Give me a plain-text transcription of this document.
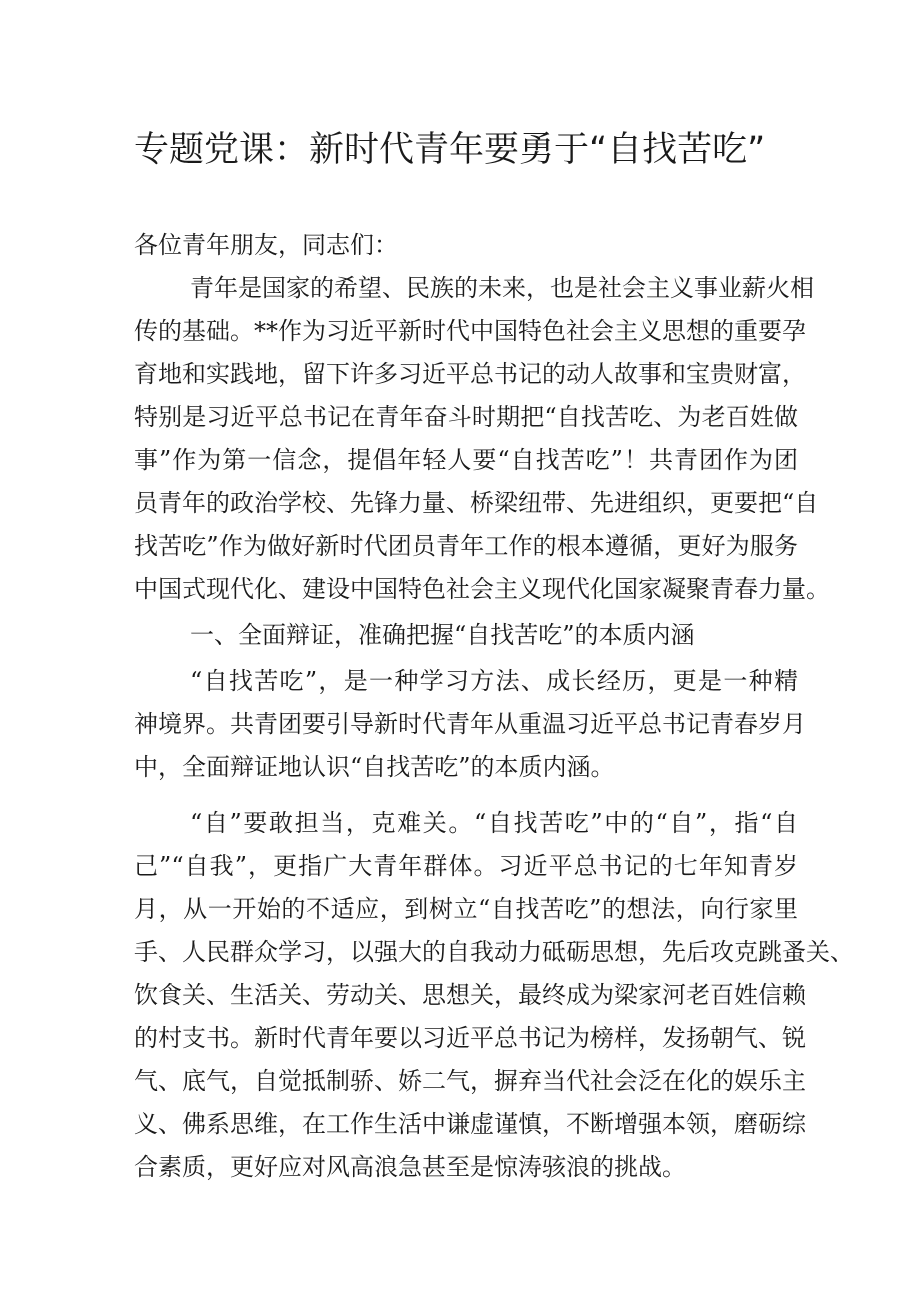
专题党课：新时代青年要勇于“自找苦吃”
各位青年朋友，同志们：
青年是国家的希望、民族的未来，也是社会主义事业薪火相
传的基础。**作为习近平新时代中国特色社会主义思想的重要孕
育地和实践地，留下许多习近平总书记的动人故事和宝贵财富，
特别是习近平总书记在青年奋斗时期把“自找苦吃、为老百姓做
事”作为第一信念，提倡年轻人要“自找苦吃”！共青团作为团
员青年的政治学校、先锋力量、桥梁纽带、先进组织，更要把“自
找苦吃”作为做好新时代团员青年工作的根本遵循，更好为服务
中国式现代化、建设中国特色社会主义现代化国家凝聚青春力量。
一、全面辩证，准确把握“自找苦吃”的本质内涵
“自找苦吃”，是一种学习方法、成长经历，更是一种精
神境界。共青团要引导新时代青年从重温习近平总书记青春岁月
中，全面辩证地认识“自找苦吃”的本质内涵。
“自”要敢担当，克难关。“自找苦吃”中的“自”，指“自
己”“自我”，更指广大青年群体。习近平总书记的七年知青岁
月，从一开始的不适应，到树立“自找苦吃”的想法，向行家里
手、人民群众学习，以强大的自我动力砥砺思想，先后攻克跳蚤关、
饮食关、生活关、劳动关、思想关，最终成为梁家河老百姓信赖
的村支书。新时代青年要以习近平总书记为榜样，发扬朝气、锐
气、底气，自觉抵制骄、娇二气，摒弃当代社会泛在化的娱乐主
义、佛系思维，在工作生活中谦虚谨慎，不断增强本领，磨砺综
合素质，更好应对风高浪急甚至是惊涛骇浪的挑战。
